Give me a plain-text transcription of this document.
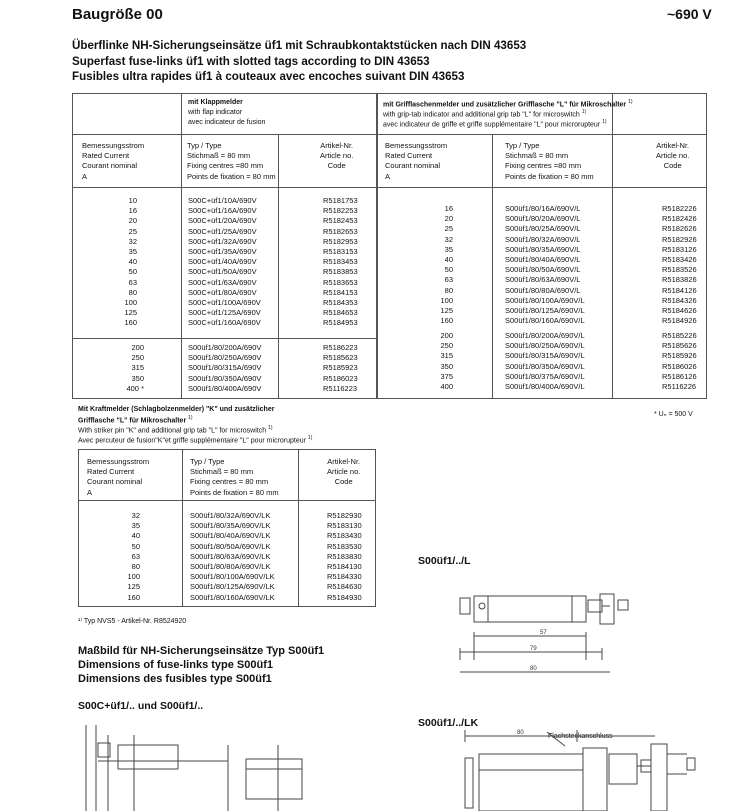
Baugröße 00	~690 V
Überflinke NH-Sicherungseinsätze üf1 mit Schraubkontaktstücken nach DIN 43653
Superfast fuse-links üf1 with slotted tags according to DIN 43653
Fusibles ultra rapides üf1 à couteaux avec encoches suivant DIN 43653
mit Klappmelder
with flap indicator
avec indicateur de fusion
Bemessungsstrom
Rated Current
Courant nominal
A
Typ / Type
Stichmaß = 80 mm
Fixing centres =80 mm
Points de fixation = 80 mm
Artikel-Nr.
Article no.
Code
10
16
20
25
32
35
40
50
63
80
100
125
160
S00C+üf1/10A/690V
S00C+üf1/16A/690V
S00C+üf1/20A/690V
S00C+üf1/25A/690V
S00C+üf1/32A/690V
S00C+üf1/35A/690V
S00C+üf1/40A/690V
S00C+üf1/50A/690V
S00C+üf1/63A/690V
S00C+üf1/80A/690V
S00C+üf1/100A/690V
S00C+üf1/125A/690V
S00C+üf1/160A/690V
R5181753
R5182253
R5182453
R5182653
R5182953
R5183153
R5183453
R5183853
R5183653
R5184153
R5184353
R5184653
R5184953
200
250
315
350
400 *
S00üf1/80/200A/690V
S00üf1/80/250A/690V
S00üf1/80/315A/690V
S00üf1/80/350A/690V
S00üf1/80/400A/690V
R5186223
R5185623
R5185923
R5186023
R5116223
mit Grifflaschenmelder und zusätzlicher Grifflasche "L" für Mikroschalter $^{1)}$
with grip-tab indicator and additional grip tab "L" for microswitch $^{1)}$
avec indicateur de griffe et griffe supplémentaire "L" pour microrupteur $^{1)}$
Bemessungsstrom
Rated Current
Courant nominal
A
Typ / Type
Stichmaß = 80 mm
Fixing centres =80 mm
Points de fixation = 80 mm
Artikel-Nr.
Article no.
Code
16
20
25
32
35
40
50
63
80
100
125
160
S00üf1/80/16A/690V/L
S00üf1/80/20A/690V/L
S00üf1/80/25A/690V/L
S00üf1/80/32A/690V/L
S00üf1/80/35A/690V/L
S00üf1/80/40A/690V/L
S00üf1/80/50A/690V/L
S00üf1/80/63A/690V/L
S00üf1/80/80A/690V/L
S00üf1/80/100A/690V/L
S00üf1/80/125A/690V/L
S00üf1/80/160A/690V/L
R5182226
R5182426
R5182626
R5182926
R5183126
R5183426
R5183526
R5183826
R5184126
R5184326
R5184626
R5184926
200
250
315
350
375
400
S00üf1/80/200A/690V/L
S00üf1/80/250A/690V/L
S00üf1/80/315A/690V/L
S00üf1/80/350A/690V/L
S00üf1/80/375A/690V/L
S00üf1/80/400A/690V/L
R5185226
R5185626
R5185926
R5186026
R5186126
R5116226
* Uₙ = 500 V
Mit Kraftmelder (Schlagbolzenmelder) "K" und zusätzlicher
Grifflasche "L" für Mikroschalter $^{1)}$
With striker pin "K" and additional grip tab "L" for microswitch $^{1)}$
Avec percuteur de fusion"K"et griffe supplémentaire "L" pour microrupteur $^{1)}$
Bemessungsstrom
Rated Current
Courant nominal
A
Typ / Type
Stichmaß = 80 mm
Fixing centres = 80 mm
Points de fixation = 80 mm
Artikel-Nr.
Article no.
Code
32
35
40
50
63
80
100
125
160
S00üf1/80/32A/690V/LK
S00üf1/80/35A/690V/LK
S00üf1/80/40A/690V/LK
S00üf1/80/50A/690V/LK
S00üf1/80/63A/690V/LK
S00üf1/80/80A/690V/LK
S00üf1/80/100A/690V/LK
S00üf1/80/125A/690V/LK
S00üf1/80/160A/690V/LK
R5182930
R5183130
R5183430
R5183530
R5183830
R5184130
R5184330
R5184630
R5184930
¹⁾ Typ NVS5 - Artikel-Nr. R8524920
Maßbild für NH-Sicherungseinsätze Typ S00üf1
Dimensions of fuse-links type S00üf1
Dimensions des fusibles type S00üf1
S00C+üf1/.. und S00üf1/..
S00üf1/../L
S00üf1/../LK
Flachsteckanschluss
57
79
80
80
